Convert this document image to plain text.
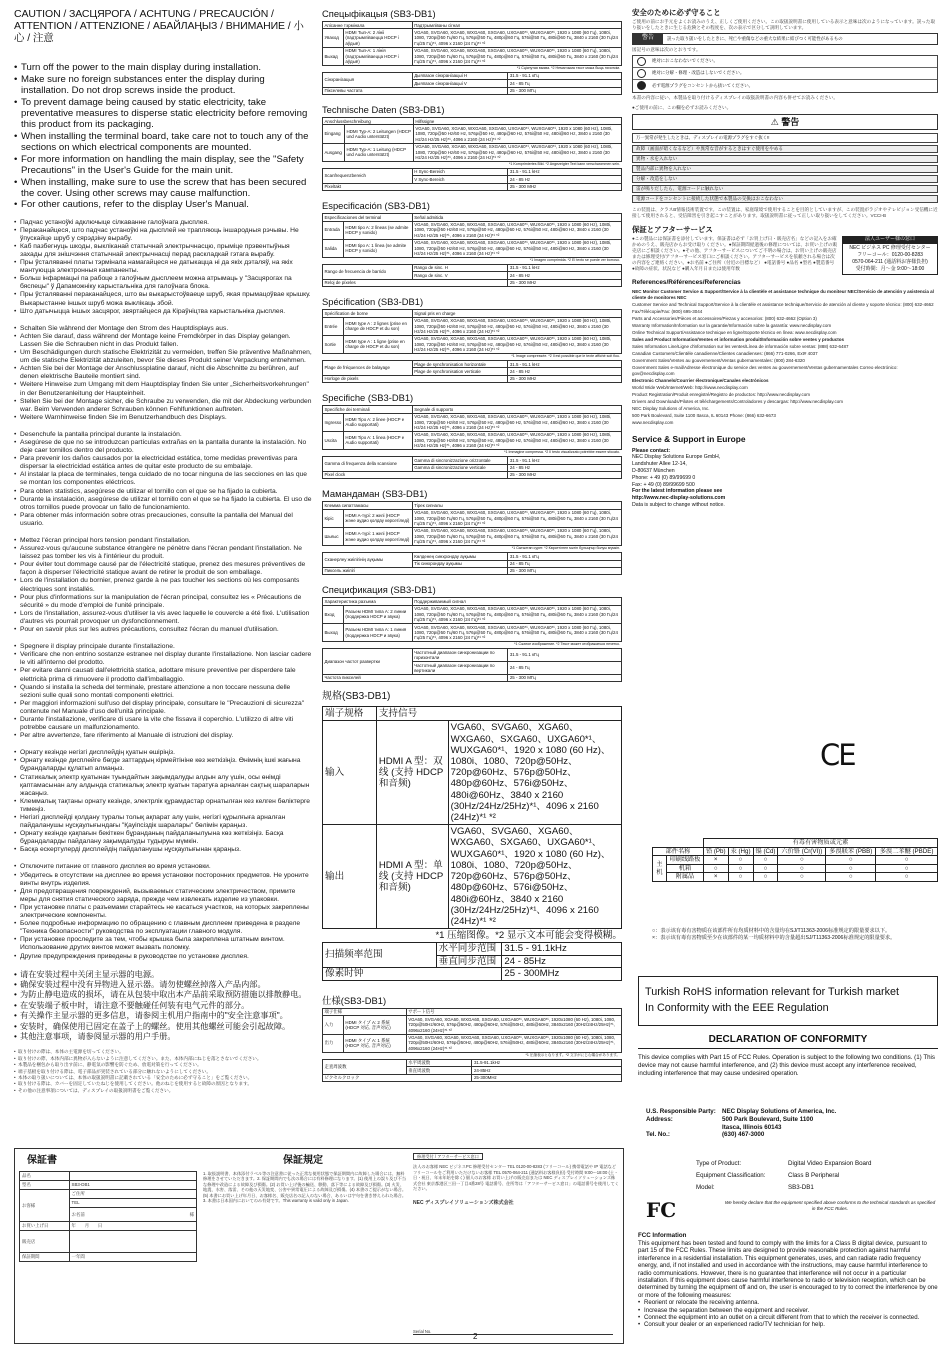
CAUTION / ЗАСЦЯРОГА / ACHTUNG / PRECAUCIÓN / ATTENTION / ATTENZIONE / АБАЙЛАҢЫЗ / ВНИМАНИЕ / 小心 / 注意
• Turn off the power to the main display during installation.
• Make sure no foreign substances enter the display during installation. Do not drop screws inside the product.
• To prevent damage being caused by static electricity, take preventative measures to disperse static electricity before removing this product from its packaging.
• When installing the terminal board, take care not to touch any of the sections on which electrical components are mounted.
• For more information on handling the main display, see the "Safety Precautions" in the User's Guide for the main unit.
• When installing, make sure to use the screw that has been secured the cover. Using other screws may cause malfunction.
• For other cautions, refer to the display User's Manual.
• Падчас устаноўкі адключыце сілкаванне галоўнага дысплея.
• Пераканайцеся, што падчас устаноўкі на дысплей не трапляюць іншародныя рэчывы. Не ўпускайце шруб у сярэдзіну вырабу.
• Каб пазбегнуць шкоды, выкліканай статычнай электрычнасцю, прыміце прэвентыўныя захады для знішчэння статычнай электрычнасці перад раскладкай гэтага вырабу.
• Пры ўсталяванні платы тэрмінала намагайцеся не датыкацца ні да якіх дэталяў, на якіх мантуюцца электронныя кампаненты.
• Больш інфармацыі па рабоце з галоўным дысплеем можна атрымаць у "Засцярогах па бяспецы" ў Дапаможніку карыстальніка для галоўнага блока.
• Пры ўсталяванні пераканайцеся, што вы выкарыстоўваеце шруб, якая прымацоўвае крышку. Выкарыстанне іншых шруб можа выклікаць збой.
• Што датычыцца іншых засцярог, звяртайцеся да Кіраўніцтва карыстальніка дысплея.
• Schalten Sie während der Montage den Strom des Hauptdisplays aus.
• Achten Sie darauf, dass während der Montage keine Fremdkörper in das Display gelangen. Lassen Sie die Schrauben nicht in das Produkt fallen.
• Um Beschädigungen durch statische Elektrizität zu vermeiden, treffen Sie präventive Maßnahmen, um die statische Elektrizität abzuleiten, bevor Sie dieses Produkt seiner Verpackung entnehmen.
• Achten Sie bei der Montage der Anschlussplatine darauf, nicht die Abschnitte zu berühren, auf denen elektrische Bauteile montiert sind.
• Weitere Hinweise zum Umgang mit dem Hauptdisplay finden Sie unter „Sicherheitsvorkehrungen" in der Benutzeranleitung der Haupteinheit.
• Stellen Sie bei der Montage sicher, die Schraube zu verwenden, die mit der Abdeckung verbunden war. Beim Verwenden anderer Schrauben können Fehlfunktionen auftreten.
• Weitere Warnhinweise finden Sie im Benutzerhandbuch des Displays.
• Desenchufe la pantalla principal durante la instalación.
• Asegúrese de que no se introduzcan partículas extrañas en la pantalla durante la instalación. No deje caer tornillos dentro del producto.
• Para prevenir los daños causados por la electricidad estática, tome medidas preventivas para dispersar la electricidad estática antes de quitar este producto de su embalaje.
• Al instalar la placa de terminales, tenga cuidado de no tocar ninguna de las secciones en las que se montan los componentes eléctricos.
• Para obten statistics, asegúrese de utilizar el tornillo con el que se ha fijado la cubierta.
• Durante la instalación, asegúrese de utilizar el tornillo con el que se ha fijado la cubierta. El uso de otros tornillos puede provocar un fallo de funcionamiento.
• Para obtener más información sobre otras precauciones, consulte la pantalla del Manual del usuario.
• Mettez l'écran principal hors tension pendant l'installation.
• Assurez-vous qu'aucune substance étrangère ne pénètre dans l'écran pendant l'installation. Ne laissez pas tomber les vis à l'intérieur du produit.
• Pour éviter tout dommage causé par de l'électricité statique, prenez des mesures préventives de façon à disperser l'électricité statique avant de retirer le produit de son emballage.
• Lors de l'installation du bornier, prenez garde à ne pas toucher les sections où les composants électriques sont installés.
• Pour plus d'informations sur la manipulation de l'écran principal, consultez les « Précautions de sécurité » du mode d'emploi de l'unité principale.
• Lors de l'installation, assurez-vous d'utiliser la vis avec laquelle le couvercle a été fixé. L'utilisation d'autres vis pourrait provoquer un dysfonctionnement.
• Pour en savoir plus sur les autres précautions, consultez l'écran du manuel d'utilisation.
• Spegnere il display principale durante l'installazione.
• Verificare che non entrino sostanze estranee nel display durante l'installazione. Non lasciar cadere le viti all'interno del prodotto.
• Per evitare danni causati dall'elettricità statica, adottare misure preventive per disperdere tale elettricità prima di rimuovere il prodotto dall'imballaggio.
• Quando si installa la scheda del terminale, prestare attenzione a non toccare nessuna delle sezioni sulle quali sono montati componenti elettrici.
• Per maggiori informazioni sull'uso del display principale, consultare le "Precauzioni di sicurezza" contenute nel Manuale d'uso dell'unità principale.
• Durante l'installazione, verificare di usare la vite che fissava il coperchio. L'utilizzo di altre viti potrebbe causare un malfunzionamento.
• Per altre avvertenze, fare riferimento al Manuale di istruzioni del display.
• Орнату кезінде негізгі дисплейдің қуатын өшіріңіз.
• Орнату кезінде дисплейге бөгде заттардың кірмейтініне көз жеткізіңіз. Өнімнің ішкі жағына бұрандаларды құлатып алмаңыз.
• Статикалық электр қуатынан туындайтын зақымдалуды алдын алу үшін, осы өнімді қаптамасынан алу алдында статикалық электр қуатын таратуға арналған сақтық шараларын жасаңыз.
• Клеммалық тақтаны орнату кезінде, электрлік құрамдастар орнатылған кез келген бөліктерге тимеңіз.
• Негізгі дисплейді қолдану туралы толық ақпарат алу үшін, негізгі құрылғыға арналған пайдаланушы нұсқаулығындағы "Қауіпсіздік шаралары" бөлімін қараңыз.
• Орнату кезінде қақпағын бекіткен бұранданың пайдаланылуына көз жеткізіңіз. Басқа бұрандаларды пайдалану зақымдалуды тудыруы мүмкін.
• Басқа ескертулерді дисплейдің пайдаланушы нұсқаулығынан қараңыз.
• Отключите питание от главного дисплея во время установки.
• Убедитесь в отсутствии на дисплее во время установки посторонних предметов. Не уроните винты внутрь изделия.
• Для предотвращения повреждений, вызываемых статическим электричеством, примите меры для снятия статического заряда, прежде чем извлекать изделие из упаковки.
• При установке платы с разъемами старайтесь не касаться участков, на которых закреплены электрические компоненты.
• Более подробные информацию по обращению с главным дисплеем приведена в разделе "Техника безопасности" руководства по эксплуатации главного модуля.
• При установке проследите за тем, чтобы крышка была закреплена штатным винтом. Использование других винтов может вызвать поломку.
• Другие предупреждения приведены в руководстве по установке дисплея.
• 请在安装过程中关闭主显示器的电源。
• 确保安装过程中没有异物进入显示器。请勿使螺丝掉落入产品内部。
• 为防止静电造成的损坏，请在从包装中取出本产品前采取预防措施以排散静电。
• 在安装端子板中时，请注意不要触碰任何装有电气元件的部分。
• 有关操作主显示器的更多信息，请参阅主机用户指南中的"安全注意事项"。
• 安装时，确保使用已固定在盖子上的螺丝。使用其他螺丝可能会引起故障。
• 其他注意事项，请参阅显示器的用户手册。
• 取り付けの際は、本体の主電源を切ってください。
• 取り付けの際、本体内部に異物が入らないように注意してください。また、本体内部にねじを落とさないでください。
• 本製品を梱包から取り出す前に、静電気の影響を防ぐため、放電対策を行ってください。
• 端子基板を取り付ける際は、電子部品が実装されている部分に触れないようにしてください。
• 本体の取り扱いについては、本体の取扱説明書に記載されている「安全のために必ず守ること」をご覧ください。
• 取り付ける際は、カバーを固定していたねじを使用してください。他のねじを使用すると故障の原因となります。
• その他の注意事項については、ディスプレイの取扱説明書をご覧ください。
Спецыфікацыя (SB3-DB1)
Апісанне тэрмінала		Падтрымліваны сігнал
Уваход	HDMI Тып-A: 2 лініі (падтрымліваецца HDCP і аўдыё)	VGA60, SVGA60, XGA60, WXGA60, SXGA60, UXGA60*¹, WUXGA60*¹, 1920 x 1080 (60 Гц), 1080i, 1080, 720p@50 Гц/60 Гц, 576p@50 Гц, 480p@60 Гц, 576i@50 Гц, 480i@60 Гц, 3840 x 2160 (30 Гц/24 Гц/25 Гц)*¹, 4096 x 2160 (24 Гц)*¹ *²
Выхад	HDMI Тып-A: 1 лінія (падтрымліваецца HDCP і аўдыё)	VGA60, SVGA60, XGA60, WXGA60, SXGA60, UXGA60*¹, WUXGA60*¹, 1920 x 1080 (60 Гц), 1080i, 1080, 720p@50 Гц/60 Гц, 576p@50 Гц, 480p@60 Гц, 576i@50 Гц, 480i@60 Гц, 3840 x 2160 (30 Гц/24 Гц/25 Гц)*¹, 4096 x 2160 (24 Гц)*¹ *²
*1 Сціснутая выява. *2 Немагчыма тэкст можа быць нячоткім.
Сінхранізацыя	Дыяпазон сінхранізацыі Н	31.5 - 91.1 кГц
	Дыяпазон сінхранізацыі V	24 - 85 Гц
Пікселевы частата		25 - 300 МГц
Technische Daten (SB3-DB1)
Anschlussbeschreibung		Hilfssigne
Eingang	HDMI Typ-A: 2 Leitungen (HDCP und Audio unterstützt)	VGA60, SVGA60, XGA60, WXGA60, SXGA60, UXGA60*¹, WUXGA60*¹, 1920 x 1080 (60 Hz), 1080i, 1080, 720p@50 Hz/60 Hz, 576p@50 Hz, 480p@60 Hz, 576i@50 Hz, 480i@60 Hz, 3840 x 2160 (30 Hz/24 Hz/25 Hz)*¹, 4096 x 2160 (24 Hz)*¹ *²
Ausgang	HDMI Typ-A: 1 Leitung (HDCP und Audio unterstützt)	VGA60, SVGA60, XGA60, WXGA60, SXGA60, UXGA60*¹, WUXGA60*¹, 1920 x 1080 (60 Hz), 1080i, 1080, 720p@50 Hz/60 Hz, 576p@50 Hz, 480p@60 Hz, 576i@50 Hz, 480i@60 Hz, 3840 x 2160 (30 Hz/24 Hz/25 Hz)*¹, 4096 x 2160 (24 Hz)*¹ *²
*1 Komprimiertes Bild. *2 Angezeigter Text kann verschwommen sein.
Scanfrequenzbereich	H Sync-Bereich	31.5 - 91.1 kHz
	V Sync-Bereich	24 - 85 Hz
Pixeltakt		25 - 300 MHz
Especificación (SB3-DB1)
Especificaciones del terminal		Señal admitida
Entrada	HDMI tipo A: 2 líneas (se admite HDCP y sonido)	VGA60, SVGA60, XGA60, WXGA60, SXGA60, UXGA60*¹, WUXGA60*¹, 1920 x 1080 (60 Hz), 1080i, 1080, 720p@50 Hz/60 Hz, 576p@50 Hz, 480p@60 Hz, 576i@50 Hz, 480i@60 Hz, 3840 x 2160 (30 Hz/24 Hz/25 Hz)*¹, 4096 x 2160 (24 Hz)*¹ *²
Salida	HDMI tipo A: 1 línea (se admite HDCP y sonido)	VGA60, SVGA60, XGA60, WXGA60, SXGA60, UXGA60*¹, WUXGA60*¹, 1920 x 1080 (60 Hz), 1080i, 1080, 720p@50 Hz/60 Hz, 576p@50 Hz, 480p@60 Hz, 576i@50 Hz, 480i@60 Hz, 3840 x 2160 (30 Hz/24 Hz/25 Hz)*¹, 4096 x 2160 (24 Hz)*¹ *²
*1 Imagen comprimida. *2 El texto se puede ver borroso.
Rango de frecuencia de barrido	Rango de sinc. H	31.5 - 91.1 kHz
	Rango de sinc. V	24 - 85 Hz
Reloj de píxeles		25 - 300 MHz
Spécification (SB3-DB1)
Spécification de borne		Signal pris en charge
Entrée	HDMI type A : 2 lignes (prise en charge de HDCP et du son)	VGA60, SVGA60, XGA60, WXGA60, SXGA60, UXGA60*¹, WUXGA60*¹, 1920 x 1080 (60 Hz), 1080i, 1080, 720p@50 Hz/60 Hz, 576p@50 Hz, 480p@60 Hz, 576i@50 Hz, 480i@60 Hz, 3840 x 2160 (30 Hz/24 Hz/25 Hz)*¹, 4096 x 2160 (24 Hz)*¹ *²
Sortie	HDMI type A : 1 ligne (prise en charge de HDCP et du son)	VGA60, SVGA60, XGA60, WXGA60, SXGA60, UXGA60*¹, WUXGA60*¹, 1920 x 1080 (60 Hz), 1080i, 1080, 720p@50 Hz/60 Hz, 576p@50 Hz, 480p@60 Hz, 576i@50 Hz, 480i@60 Hz, 3840 x 2160 (30 Hz/24 Hz/25 Hz)*¹, 4096 x 2160 (24 Hz)*¹ *²
*1 Image compressée. *2 Il est possible que le texte affiché soit flou.
Plage de fréquences de balayage	Plage de synchronisation horizontale	31.5 - 91.1 kHz
	Plage de synchronisation verticale	24 - 85 Hz
Horloge de pixels		25 - 300 MHz
Specifiche (SB3-DB1)
Specifiche dei terminali		Segnale di supporto
Ingresso	HDMI Tipo A: 2 linee (HDCP e Audio supportati)	VGA60, SVGA60, XGA60, WXGA60, SXGA60, UXGA60*¹, WUXGA60*¹, 1920 x 1080 (60 Hz), 1080i, 1080, 720p@50 Hz/60 Hz, 576p@50 Hz, 480p@60 Hz, 576i@50 Hz, 480i@60 Hz, 3840 x 2160 (30 Hz/24 Hz/25 Hz)*¹, 4096 x 2160 (24 Hz)*¹ *²
Uscita	HDMI Tipo A: 1 linea (HDCP e Audio supportati)	VGA60, SVGA60, XGA60, WXGA60, SXGA60, UXGA60*¹, WUXGA60*¹, 1920 x 1080 (60 Hz), 1080i, 1080, 720p@50 Hz/60 Hz, 576p@50 Hz, 480p@60 Hz, 576i@50 Hz, 480i@60 Hz, 3840 x 2160 (30 Hz/24 Hz/25 Hz)*¹, 4096 x 2160 (24 Hz)*¹ *²
*1 Immagine compressa. *2 Il testo visualizzato potrebbe essere sfocato.
Gamma di frequenza della scansione	Gamma di sincronizzazione orizzontale	31.5 - 91.1 kHz
	Gamma di sincronizzazione verticale	24 - 85 Hz
Pixel clock		25 - 300 MHz
Мамандаман (SB3-DB1)
Клемма сипаттамасы		Тірек сигналы
Кіріс	HDMI A-түрі: 2 желі (HDCP және аудио қолдау көрсетіледі)	VGA60, SVGA60, XGA60, WXGA60, SXGA60, UXGA60*¹, WUXGA60*¹, 1920 x 1080 (60 Гц), 1080i, 1080, 720p@50 Гц/60 Гц, 576p@50 Гц, 480p@60 Гц, 576i@50 Гц, 480i@60 Гц, 3840 x 2160 (30 Гц/24 Гц/25 Гц)*¹, 4096 x 2160 (24 Гц)*¹ *²
Шығыс	HDMI A-түрі: 1 желі (HDCP және аудио қолдау көрсетіледі)	VGA60, SVGA60, XGA60, WXGA60, SXGA60, UXGA60*¹, WUXGA60*¹, 1920 x 1080 (60 Гц), 1080i, 1080, 720p@50 Гц/60 Гц, 576p@50 Гц, 480p@60 Гц, 576i@50 Гц, 480i@60 Гц, 3840 x 2160 (30 Гц/24 Гц/25 Гц)*¹, 4096 x 2160 (24 Гц)*¹ *²
*1 Сығылған сурет. *2 Көрсетілген мәтін бұлыңғыр болуы мүмкін.
Сканерлеу жиілігінің ауқымы	Көлденең синхрондау ауқымы	31.5 - 91.1 кГц
	Тік синхрондау ауқымы	24 - 85 Гц
Пиксель жиілігі		25 - 300 МГц
Спецификация (SB3-DB1)
Характеристика разъема		Поддерживаемый сигнал
Вход	Разъем HDMI типа A: 2 линии (поддержка HDCP и звука)	VGA60, SVGA60, XGA60, WXGA60, SXGA60, UXGA60*¹, WUXGA60*¹, 1920 x 1080 (60 Гц), 1080i, 1080, 720p@50 Гц/60 Гц, 576p@50 Гц, 480p@60 Гц, 576i@50 Гц, 480i@60 Гц, 3840 x 2160 (30 Гц/24 Гц/25 Гц)*¹, 4096 x 2160 (24 Гц)*¹ *²
Выход	Разъем HDMI типа A: 1 линия (поддержка HDCP и звука)	VGA60, SVGA60, XGA60, WXGA60, SXGA60, UXGA60*¹, WUXGA60*¹, 1920 x 1080 (60 Гц), 1080i, 1080, 720p@50 Гц/60 Гц, 576p@50 Гц, 480p@60 Гц, 576i@50 Гц, 480i@60 Гц, 3840 x 2160 (30 Гц/24 Гц/25 Гц)*¹, 4096 x 2160 (24 Гц)*¹ *²
*1 Сжатое изображение. *2 Текст может отображаться нечетко.
Диапазон частот развертки	Частотный диапазон синхронизации по горизонтали	31.5 - 91.1 кГц
	Частотный диапазон синхронизации по вертикали	24 - 85 Гц
Частота пикселей		25 - 300 МГц
规格(SB3-DB1)
端子规格	支持信号	

输入	HDMI A 型：双线 (支持 HDCP 和音频)	VGA60、SVGA60、XGA60、WXGA60、SXGA60、UXGA60*¹、WUXGA60*¹、1920 x 1080 (60 Hz)、1080i、1080、720p@50Hz、720p@60Hz、576p@50Hz、480p@60Hz、576i@50Hz、480i@60Hz、3840 x 2160 (30Hz/24Hz/25Hz)*¹、4096 x 2160 (24Hz)*¹ *²
输出	HDMI A 型：单线 (支持 HDCP 和音频)	VGA60、SVGA60、XGA60、WXGA60、SXGA60、UXGA60*¹、WUXGA60*¹、1920 x 1080 (60 Hz)、1080i、1080、720p@50Hz、720p@60Hz、576p@50Hz、480p@60Hz、576i@50Hz、480i@60Hz、3840 x 2160 (30Hz/24Hz/25Hz)*¹、4096 x 2160 (24Hz)*¹ *²
*1 压缩图像。*2 显示文本可能会变得模糊。
扫描频率范围	水平同步范围	31.5 - 91.1kHz
	垂直同步范围	24 - 85Hz
像素时钟		25 - 300MHz
仕様(SB3-DB1)
端子仕様		サポート信号
入力	HDMI タイプ A: 2 系統 (HDCP 対応, 音声対応)	VGA60, SVGA60, XGA60, WXGA60, SXGA60, UXGA60*¹, WUXGA60*¹, 1920x1080 (60 Hz), 1080i, 1080, 720p@50Hz/60Hz, 576p@50Hz, 480p@60Hz, 576i@50Hz, 480i@60Hz, 3840x2160 (30Hz/24Hz/25Hz)*¹, 4096x2160 (24Hz)*¹ *²
出力	HDMI タイプ A: 1 系統 (HDCP 対応, 音声対応)	VGA60, SVGA60, XGA60, WXGA60, SXGA60, UXGA60*¹, WUXGA60*¹, 1920x1080 (60 Hz), 1080i, 1080, 720p@50Hz/60Hz, 576p@50Hz, 480p@60Hz, 576i@50Hz, 480i@60Hz, 3840x2160 (30Hz/24Hz/25Hz)*¹, 4096x2160 (24Hz)*¹ *²
*1 圧縮表示となります。*2 文字がにじむ場合があります。
走査周波数	水平周波数	31.5-91.1kHz
	垂直周波数	24-85Hz
ピクセルクロック		25-300MHz
保証書
品名	
型名	SB3-DB1
お客様	ご住所
	TEL
	お名前 様

お買い上げ日	年　　月　　日
販売店	
保証期間	一年間
保証規定
1. 取扱説明書、本体添付ラベル等の注意書に従った正常な使用状態で保証期間内に故障した場合には、無料修理をさせていただきます。2. 保証期間内でも次の場合には有料修理になります。(1) 使用上の誤り及び不当な修理や改造による故障及び損傷。(2) お買い上げ後の輸送、移動、落下等による故障及び損傷。(3) 火災、地震、水害、落雷、その他の天災地変、公害や異常電圧による故障及び損傷。(4) 本書のご提示がない場合。(5) 本書にお買い上げ年月日、お客様名、販売店名の記入のない場合、あるいは字句を書き替えられた場合。3. 本書は日本国内においてのみ有効です。This warranty is valid only in Japan.
修理受付 / アフターサービス窓口
法人のお客様 NEC ビジネスPC 修理受付センター TEL 0120-00-8283 (フリーコール) 携帯電話や IP 電話などフリーコールをご利用いただけないお客様 TEL 0570-064-211 (通話料お客様負担) 受付時間 9:00〜18:00 (土・日・祝日、年末年始を除く) 個人のお客様 お買い上げの販売店または NEC ディスプレイソリューションズ株式会社 東京都港区三田一丁目4番28号 電話番号、住所等は「アフターサービス窓口」の電話番号を使用してください。
NEC ディスプレイソリューションズ株式会社
Serial No.
安全のために必ず守ること
ご使用の前にお手元をよくお読みのうえ、正しくご使用ください。この取扱説明書に使用している表示と意味は次のようになっています。誤った取り扱いをしたときに生じる危険とその程度を、次の表示で区分して説明しています。
警告	誤った取り扱いをしたときに、死亡や重傷などの重大な結果に結びつく可能性があるもの
図記号の意味は次のとおりです。
絶対におこなわないでください。
絶対に分解・修理・改造はしないでください。
必ず電源プラグをコンセントから抜いてください。
本書の内容に従い、本製品を取り付けるディスプレイの取扱説明書の内容も併せてお読みください。
●ご使用の前に、この欄を必ずお読みください。
⚠ 警告
万一異常が発生したときは、ディスプレイの電源プラグをすぐ抜く!!
故障（画面が暗くなるなど）や異常な音がするときはすぐ使用をやめる
異物・水を入れない
製品内部に異物を入れない
分解・改造をしない
雷が鳴りだしたら、電源コードに触れない
電源コードをコンセントに接続した状態で本製品の交換はおこなわない
この装置は、クラスB情報技術装置です。この装置は、家庭環境で使用することを目的としていますが、この装置がラジオやテレビジョン受信機に近接して使用されると、受信障害を引き起こすことがあります。取扱説明書に従って正しい取り扱いをしてください。VCCI-B
保証とアフターサービス
●この製品には保証書を添付しています。保証書は必ず「お買上げ日・販売店名」などの記入をお確かめのうえ、販売店からお受け取りください。●保証期間経過後の修理については、お買い上げの販売店にご相談ください。●その他、アフターサービスについてご不明の場合は、お買い上げの販売店または修理受付/アフターサービス窓口にご相談ください。アフターサービスを依頼される場合は次の内容をご連絡ください。●お名前 ●ご住所（付近の目標など） ●電話番号 ●品名 ●型名 ●製造番号 ●故障の症状、状況など ●購入年月日または使用年数
法人ユーザー様の窓口
NEC ビジネス PC 修理受付センター
フリーコール：0120-00-8283
0570-064-211 (通話料お客様負担)
受付時間：月〜金 9:00〜18:00
References/Références/Referencias
NEC Monitor Customer Service & Support/Service à la clientèle et assistance technique du moniteur NEC/Servicio de atención y asistencia al cliente de monitores NEC
Customer Service and Technical Support/Service à la clientèle et assistance technique/Servicio de atención al cliente y soporte técnico: (800) 632-4662
Fax/Télécopie/Fax: (800) 695-3044
Parts and Accessories/Pièces et accessoires/Piezas y accesorios: (800) 632-4662 (Option 3)
Warranty Information/Information sur la garantie/Información sobre la garantía: www.necdisplay.com
Online Technical Support/Assistance technique en ligne/Soporte técnico en línea: www.necdisplay.com
Sales and Product Information/Ventes et information produit/Información sobre ventes y productos
Sales Information Line/Ligne d'information sur les ventes/Línea de información sobre ventas: (888) 632-6487
Canadian Customers/Clientèle canadienne/Clientes canadienses: (866) 771-0266, Ext# 4037
Government Sales/Ventes au gouvernement/Ventas gubernamentales: (800) 284-6320
Government Sales e-mail/Adresse électronique du service des ventes au gouvernement/Ventas gubernamentales Correo electrónico: gov@necdisplay.com
Electronic Channels/Courrier électronique/Canales electrónicos
World Wide Web/Internet/Web: http://www.necdisplay.com
Product Registration/Produit enregistré/Registro de productos: http://www.necdisplay.com
Drivers and Downloads/Pilotes et téléchargements/Controladores y descargas: http://www.necdisplay.com
NEC Display Solutions of America, Inc.
500 Park Boulevard, Suite 1100 Itasca, IL 60143 Phone: (866) 632-6673
www.necdisplay.com
Service & Support in Europe
Please contact:
NEC Display Solutions Europe GmbH,
Landshuter Allee 12-14,
D-80637 München
Phone: + 49 (0) 89/99699 0
Fax: + 49 (0) 89/99699 500
For the latest information please see
http://www.nec-display-solutions.com
Data is subject to change without notice.
CE
		有毒有害物质或元素					
部件名称		铅 (Pb)	汞 (Hg)	镉 (Cd)	六价铬 (Cr(VI))	多溴联苯 (PBB)	多溴二苯醚 (PBDE)
主机	印刷线路板	×	○	○	○	○	○
	机箱	○	○	○	○	○	○
	附属品	×	○	○	○	○	○
○：表示该有毒有害物质在该部件所有均质材料中的含量均在SJ/T11363-2006标准规定的限量要求以下。
×：表示该有毒有害物质至少在该部件的某一均质材料中的含量超出SJ/T11363-2006标准规定的限量要求。
Turkish RoHS information relevant for Turkish market
In Conformity with the EEE Regulation
DECLARATION OF CONFORMITY
This device complies with Part 15 of FCC Rules. Operation is subject to the following two conditions. (1) This device may not cause harmful interference, and (2) this device must accept any interference received, including interference that may cause undesired operation.
U.S. Responsible Party: NEC Display Solutions of America, Inc.
Address:	500 Park Boulevard, Suite 1100
Itasca, Illinois 60143
Tel. No.:	(630) 467-3000
Type of Product:	Digital Video Expansion Board
Equipment Classification:	Class B Peripheral
Model:	SB3-DB1
FC	We hereby declare that the equipment specified above conforms to the technical standards as specified in the FCC Rules.
FCC Information
This equipment has been tested and found to comply with the limits for a Class B digital device, pursuant to part 15 of the FCC Rules. These limits are designed to provide reasonable protection against harmful interference in a residential installation. This equipment generates, uses, and can radiate radio frequency energy, and, if not installed and used in accordance with the instructions, may cause harmful interference to radio communications. However, there is no guarantee that interference will not occur in a particular installation. If this equipment does cause harmful interference to radio or television reception, which can be determined by turning the equipment off and on, the user is encouraged to try to correct the interference by one or more of the following measures:
• Reorient or relocate the receiving antenna.
• Increase the separation between the equipment and receiver.
• Connect the equipment into an outlet on a circuit different from that to which the receiver is connected.
• Consult your dealer or an experienced radio/TV technician for help.
2
